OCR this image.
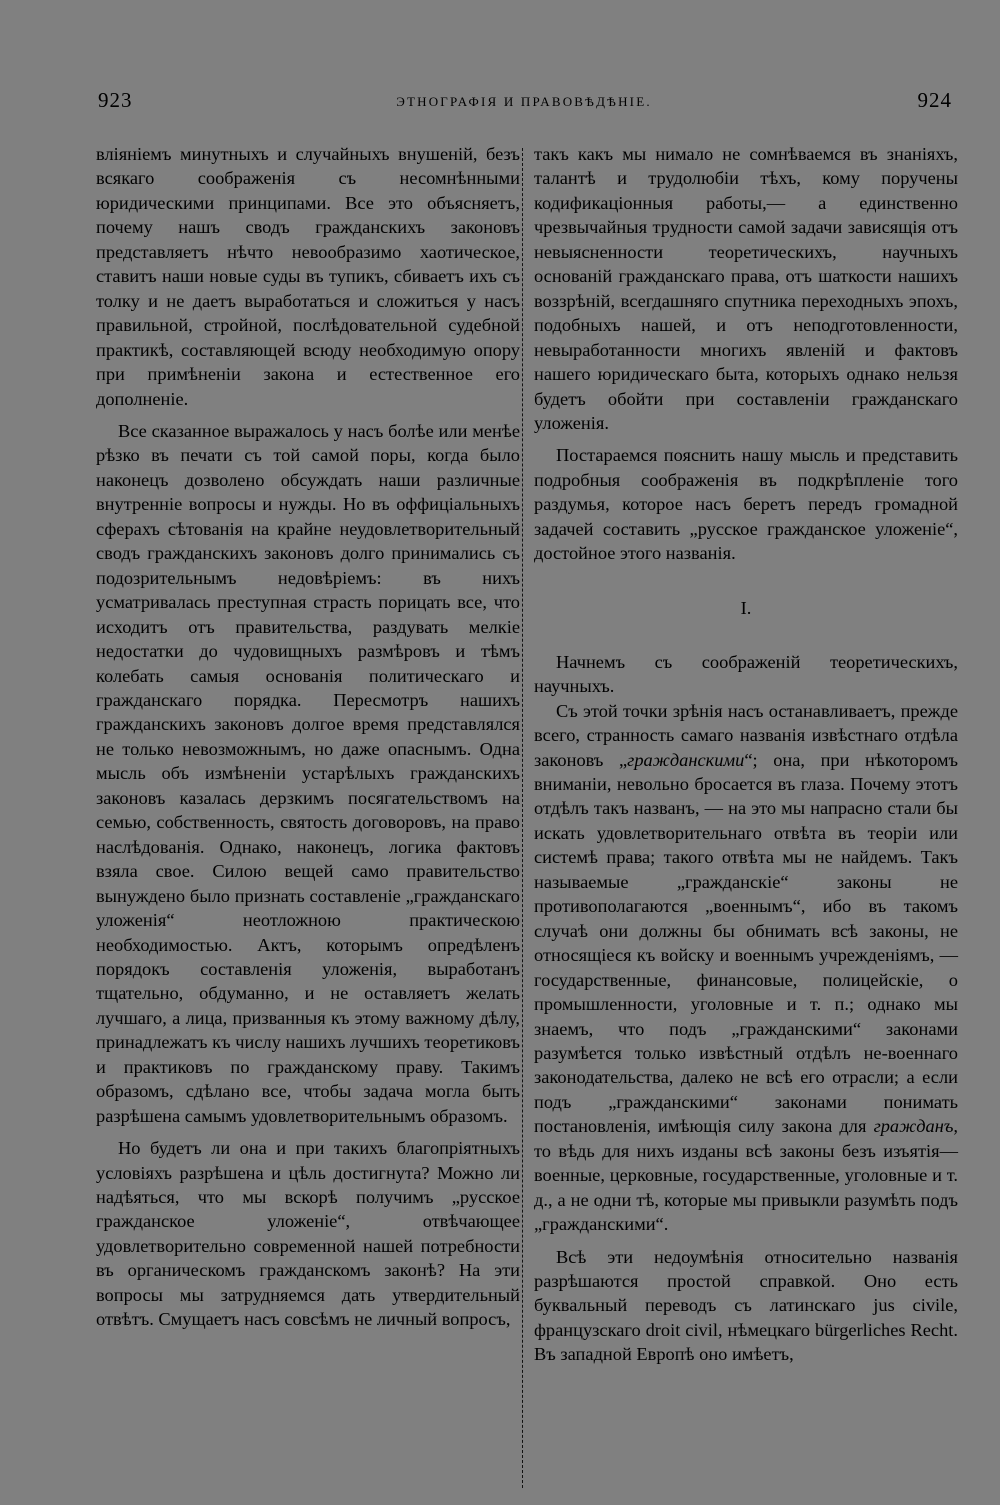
923	ЭТНОГРАФІЯ И ПРАВОВѢДѢНІЕ.	924

вліяніемъ минутныхъ и случайныхъ внушеній, безъ всякаго соображенія съ несомнѣнными юридическими принципами. Все это объясняетъ, почему нашъ сводъ гражданскихъ законовъ представляетъ нѣчто невообразимо хаотическое, ставитъ наши новые суды въ тупикъ, сбиваетъ ихъ съ толку и не даетъ выработаться и сложиться у насъ правильной, стройной, послѣдовательной судебной практикѣ, составляющей всюду необходимую опору при примѣненіи закона и естественное его дополненіе.

Все сказанное выражалось у насъ болѣе или менѣе рѣзко въ печати съ той самой поры, когда было наконецъ дозволено обсуждать наши различные внутренніе вопросы и нужды. Но въ оффиціальныхъ сферахъ сѣтованія на крайне неудовлетворительный сводъ гражданскихъ законовъ долго принимались съ подозрительнымъ недовѣріемъ: въ нихъ усматривалась преступная страсть порицать все, что исходитъ отъ правительства, раздувать мелкіе недостатки до чудовищныхъ размѣровъ и тѣмъ колебать самыя основанія политическаго и гражданскаго порядка. Пересмотръ нашихъ гражданскихъ законовъ долгое время представлялся не только невозможнымъ, но даже опаснымъ. Одна мысль объ измѣненіи устарѣлыхъ гражданскихъ законовъ казалась дерзкимъ посягательствомъ на семью, собственность, святость договоровъ, на право наслѣдованія. Однако, наконецъ, логика фактовъ взяла свое. Силою вещей само правительство вынуждено было признать составленіе „гражданскаго уложенія“ неотложною практическою необходимостью. Актъ, которымъ опредѣленъ порядокъ составленія уложенія, выработанъ тщательно, обдуманно, и не оставляетъ желать лучшаго, а лица, призванныя къ этому важному дѣлу, принадлежатъ къ числу нашихъ лучшихъ теоретиковъ и практиковъ по гражданскому праву. Такимъ образомъ, сдѣлано все, чтобы задача могла быть разрѣшена самымъ удовлетворительнымъ образомъ.

Но будетъ ли она и при такихъ благопріятныхъ условіяхъ разрѣшена и цѣль достигнута? Можно ли надѣяться, что мы вскорѣ получимъ „русское гражданское уложеніе“, отвѣчающее удовлетворительно современной нашей потребности въ органическомъ гражданскомъ законѣ? На эти вопросы мы затрудняемся дать утвердительный отвѣтъ. Смущаетъ насъ совсѣмъ не личный вопросъ,

такъ какъ мы нимало не сомнѣваемся въ знаніяхъ, талантѣ и трудолюбіи тѣхъ, кому поручены кодификаціонныя работы,— а единственно чрезвычайныя трудности самой задачи зависящія отъ невыясненности теоретическихъ, научныхъ основаній гражданскаго права, отъ шаткости нашихъ воззрѣній, всегдашняго спутника переходныхъ эпохъ, подобныхъ нашей, и отъ неподготовленности, невыработанности многихъ явленій и фактовъ нашего юридическаго быта, которыхъ однако нельзя будетъ обойти при составленіи гражданскаго уложенія.

Постараемся пояснить нашу мысль и представить подробныя соображенія въ подкрѣпленіе того раздумья, которое насъ беретъ передъ громадной задачей составить „русское гражданское уложеніе“, достойное этого названія.

I.

Начнемъ съ соображеній теоретическихъ, научныхъ.

Съ этой точки зрѣнія насъ останавливаетъ, прежде всего, странность самаго названія извѣстнаго отдѣла законовъ „гражданскими“; она, при нѣкоторомъ вниманіи, невольно бросается въ глаза. Почему этотъ отдѣлъ такъ названъ, — на это мы напрасно стали бы искать удовлетворительнаго отвѣта въ теоріи или системѣ права; такого отвѣта мы не найдемъ. Такъ называемые „гражданскіе“ законы не противополагаются „военнымъ“, ибо въ такомъ случаѣ они должны бы обнимать всѣ законы, не относящіеся къ войску и военнымъ учрежденіямъ, — государственные, финансовые, полицейскіе, о промышленности, уголовные и т. п.; однако мы знаемъ, что подъ „гражданскими“ законами разумѣется только извѣстный отдѣлъ не-военнаго законодательства, далеко не всѣ его отрасли; а если подъ „гражданскими“ законами понимать постановленія, имѣющія силу закона для гражданъ, то вѣдь для нихъ изданы всѣ законы безъ изъятія—военные, церковные, государственные, уголовные и т. д., а не одни тѣ, которые мы привыкли разумѣть подъ „гражданскими“.

Всѣ эти недоумѣнія относительно названія разрѣшаются простой справкой. Оно есть буквальный переводъ съ латинскаго jus civile, французскаго droit civil, нѣмецкаго bürgerliches Recht. Въ западной Европѣ оно имѣетъ,
